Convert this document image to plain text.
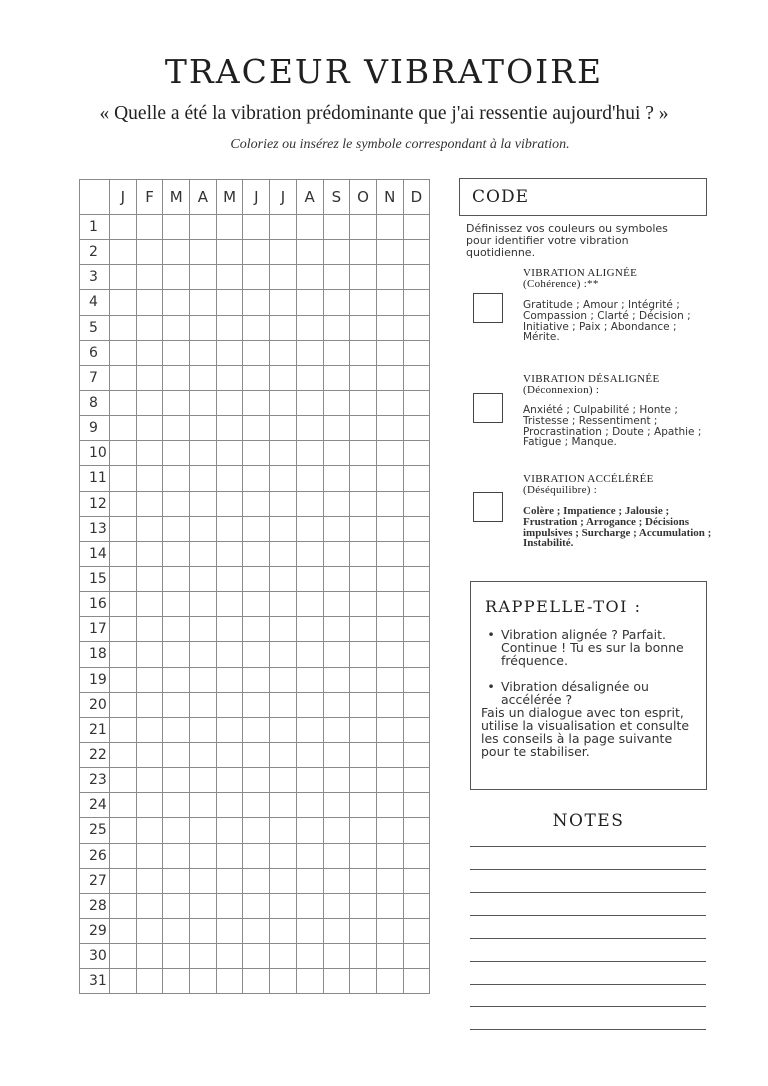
TRACEUR VIBRATOIRE
« Quelle a été la vibration prédominante que j'ai ressentie aujourd'hui ? »
Coloriez ou insérez le symbole correspondant à la vibration.
	J	F	M	A	M	J	J	A	S	O	N	D
1												
2												
3												
4												
5												
6												
7												
8												
9												
10												
11												
12												
13												
14												
15												
16												
17												
18												
19												
20												
21												
22												
23												
24												
25												
26												
27												
28												
29												
30												
31												
CODE
Définissez vos couleurs ou symboles pour identifier votre vibration quotidienne.
VIBRATION ALIGNÉE
(Cohérence) :**
Gratitude ; Amour ; Intégrité ; Compassion ; Clarté ; Décision ; Initiative ; Paix ; Abondance ; Mérite.
VIBRATION DÉSALIGNÉE
(Déconnexion) :
Anxiété ; Culpabilité ; Honte ; Tristesse ; Ressentiment ; Procrastination ; Doute ; Apathie ; Fatigue ; Manque.
VIBRATION ACCÉLÉRÉE
(Déséquilibre) :
Colère ; Impatience ; Jalousie ; Frustration ; Arrogance ; Décisions impulsives ; Surcharge ; Accumulation ; Instabilité.
RAPPELLE-TOI :
• Vibration alignée ? Parfait. Continue ! Tu es sur la bonne fréquence.
• Vibration désalignée ou accélérée ?
Fais un dialogue avec ton esprit, utilise la visualisation et consulte les conseils à la page suivante pour te stabiliser.
NOTES
